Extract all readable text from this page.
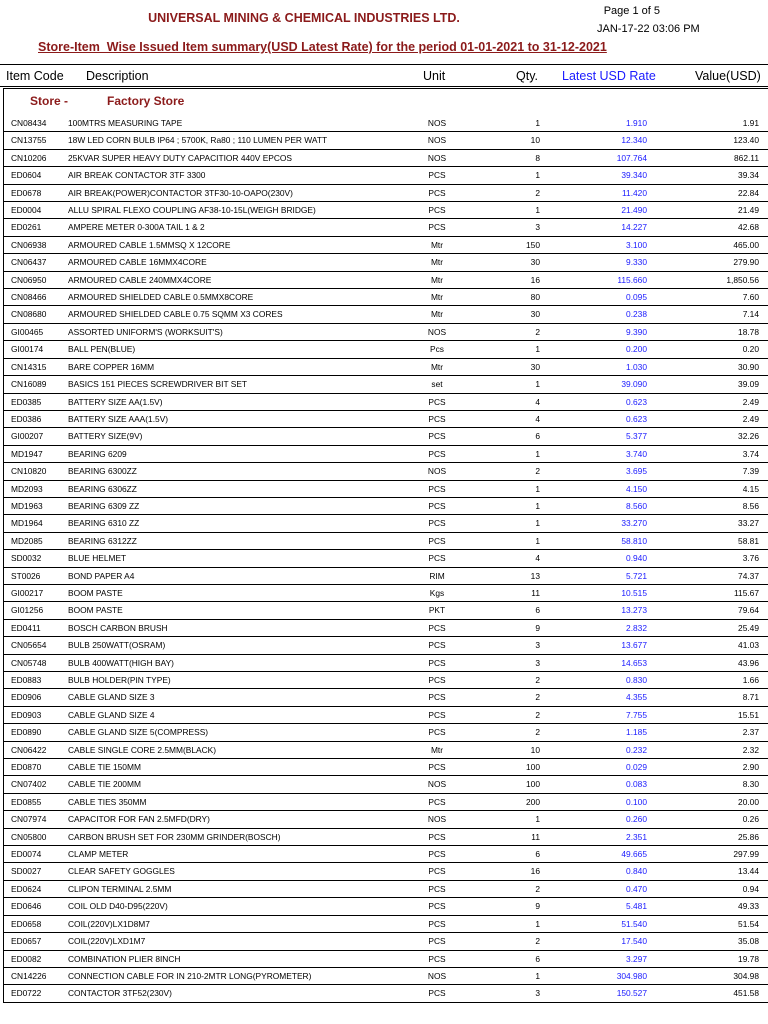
Page 1 of 5
JAN-17-22 03:06 PM
UNIVERSAL MINING & CHEMICAL INDUSTRIES LTD.
Store-Item  Wise Issued Item summary(USD Latest Rate) for the period 01-01-2021 to 31-12-2021
Item Code Description	Unit	Qty. Latest USD Rate	Value(USD)
Store -	Factory Store
CN08434	100MTRS MEASURING TAPE	NOS	1	1.910	1.91
CN13755	18W LED CORN BULB IP64 ; 5700K, Ra80 ; 110 LUMEN PER WATT	NOS	10	12.340	123.40
CN10206	25KVAR SUPER HEAVY DUTY CAPACITIOR 440V EPCOS	NOS	8	107.764	862.11
ED0604	AIR BREAK CONTACTOR 3TF 3300	PCS	1	39.340	39.34
ED0678	AIR BREAK(POWER)CONTACTOR 3TF30-10-OAPO(230V)	PCS	2	11.420	22.84
ED0004	ALLU SPIRAL FLEXO COUPLING AF38-10-15L(WEIGH BRIDGE)	PCS	1	21.490	21.49
ED0261	AMPERE METER 0-300A TAIL 1 & 2	PCS	3	14.227	42.68
CN06938	ARMOURED CABLE 1.5MMSQ X 12CORE	Mtr	150	3.100	465.00
CN06437	ARMOURED CABLE 16MMX4CORE	Mtr	30	9.330	279.90
CN06950	ARMOURED CABLE 240MMX4CORE	Mtr	16	115.660	1,850.56
CN08466	ARMOURED SHIELDED CABLE 0.5MMX8CORE	Mtr	80	0.095	7.60
CN08680	ARMOURED SHIELDED CABLE 0.75 SQMM X3 CORES	Mtr	30	0.238	7.14
GI00465	ASSORTED UNIFORM'S (WORKSUIT'S)	NOS	2	9.390	18.78
GI00174	BALL PEN(BLUE)	Pcs	1	0.200	0.20
CN14315	BARE COPPER 16MM	Mtr	30	1.030	30.90
CN16089	BASICS 151 PIECES SCREWDRIVER BIT SET	set	1	39.090	39.09
ED0385	BATTERY SIZE AA(1.5V)	PCS	4	0.623	2.49
ED0386	BATTERY SIZE AAA(1.5V)	PCS	4	0.623	2.49
GI00207	BATTERY SIZE(9V)	PCS	6	5.377	32.26
MD1947	BEARING 6209	PCS	1	3.740	3.74
CN10820	BEARING 6300ZZ	NOS	2	3.695	7.39
MD2093	BEARING 6306ZZ	PCS	1	4.150	4.15
MD1963	BEARING 6309 ZZ	PCS	1	8.560	8.56
MD1964	BEARING 6310 ZZ	PCS	1	33.270	33.27
MD2085	BEARING 6312ZZ	PCS	1	58.810	58.81
SD0032	BLUE HELMET	PCS	4	0.940	3.76
ST0026	BOND PAPER A4	RIM	13	5.721	74.37
GI00217	BOOM PASTE	Kgs	11	10.515	115.67
GI01256	BOOM PASTE	PKT	6	13.273	79.64
ED0411	BOSCH CARBON BRUSH	PCS	9	2.832	25.49
CN05654	BULB 250WATT(OSRAM)	PCS	3	13.677	41.03
CN05748	BULB 400WATT(HIGH BAY)	PCS	3	14.653	43.96
ED0883	BULB HOLDER(PIN TYPE)	PCS	2	0.830	1.66
ED0906	CABLE GLAND SIZE 3	PCS	2	4.355	8.71
ED0903	CABLE GLAND SIZE 4	PCS	2	7.755	15.51
ED0890	CABLE GLAND SIZE 5(COMPRESS)	PCS	2	1.185	2.37
CN06422	CABLE SINGLE CORE 2.5MM(BLACK)	Mtr	10	0.232	2.32
ED0870	CABLE TIE 150MM	PCS	100	0.029	2.90
CN07402	CABLE TIE 200MM	NOS	100	0.083	8.30
ED0855	CABLE TIES 350MM	PCS	200	0.100	20.00
CN07974	CAPACITOR FOR FAN 2.5MFD(DRY)	NOS	1	0.260	0.26
CN05800	CARBON BRUSH SET FOR 230MM GRINDER(BOSCH)	PCS	11	2.351	25.86
ED0074	CLAMP METER	PCS	6	49.665	297.99
SD0027	CLEAR SAFETY GOGGLES	PCS	16	0.840	13.44
ED0624	CLIPON TERMINAL 2.5MM	PCS	2	0.470	0.94
ED0646	COIL OLD D40-D95(220V)	PCS	9	5.481	49.33
ED0658	COIL(220V)LX1D8M7	PCS	1	51.540	51.54
ED0657	COIL(220V)LXD1M7	PCS	2	17.540	35.08
ED0082	COMBINATION PLIER 8INCH	PCS	6	3.297	19.78
CN14226	CONNECTION CABLE FOR IN 210-2MTR LONG(PYROMETER)	NOS	1	304.980	304.98
ED0722	CONTACTOR 3TF52(230V)	PCS	3	150.527	451.58
